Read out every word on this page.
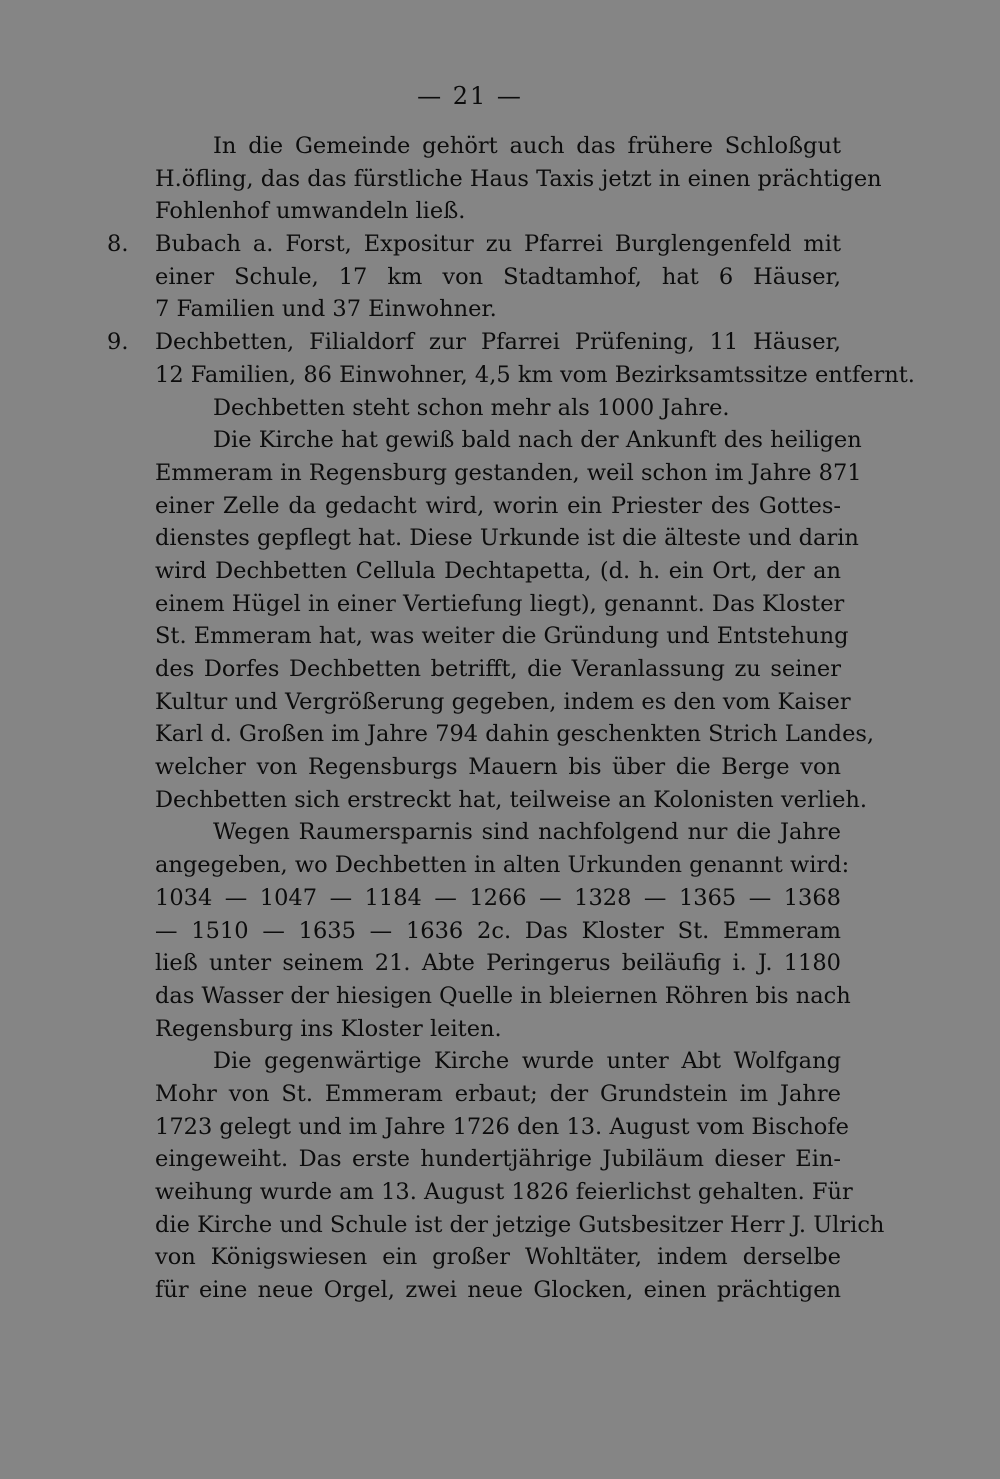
— 21 —
In die Gemeinde gehört auch das frühere Schloßgut
H.öfling, das das fürstliche Haus Taxis jetzt in einen prächtigen
Fohlenhof umwandeln ließ.
8. Bubach a. Forst, Expositur zu Pfarrei Burglengenfeld mit
einer Schule, 17 km von Stadtamhof, hat 6 Häuser,
7 Familien und 37 Einwohner.
9. Dechbetten, Filialdorf zur Pfarrei Prüfening, 11 Häuser,
12 Familien, 86 Einwohner, 4,5 km vom Bezirksamtssitze entfernt.
Dechbetten steht schon mehr als 1000 Jahre.
Die Kirche hat gewiß bald nach der Ankunft des heiligen
Emmeram in Regensburg gestanden, weil schon im Jahre 871
einer Zelle da gedacht wird, worin ein Priester des Gottes-
dienstes gepflegt hat. Diese Urkunde ist die älteste und darin
wird Dechbetten Cellula Dechtapetta, (d. h. ein Ort, der an
einem Hügel in einer Vertiefung liegt), genannt. Das Kloster
St. Emmeram hat, was weiter die Gründung und Entstehung
des Dorfes Dechbetten betrifft, die Veranlassung zu seiner
Kultur und Vergrößerung gegeben, indem es den vom Kaiser
Karl d. Großen im Jahre 794 dahin geschenkten Strich Landes,
welcher von Regensburgs Mauern bis über die Berge von
Dechbetten sich erstreckt hat, teilweise an Kolonisten verlieh.
Wegen Raumersparnis sind nachfolgend nur die Jahre
angegeben, wo Dechbetten in alten Urkunden genannt wird:
1034 — 1047 — 1184 — 1266 — 1328 — 1365 — 1368
— 1510 — 1635 — 1636 2c. Das Kloster St. Emmeram
ließ unter seinem 21. Abte Peringerus beiläufig i. J. 1180
das Wasser der hiesigen Quelle in bleiernen Röhren bis nach
Regensburg ins Kloster leiten.
Die gegenwärtige Kirche wurde unter Abt Wolfgang
Mohr von St. Emmeram erbaut; der Grundstein im Jahre
1723 gelegt und im Jahre 1726 den 13. August vom Bischofe
eingeweiht. Das erste hundertjährige Jubiläum dieser Ein-
weihung wurde am 13. August 1826 feierlichst gehalten. Für
die Kirche und Schule ist der jetzige Gutsbesitzer Herr J. Ulrich
von Königswiesen ein großer Wohltäter, indem derselbe
für eine neue Orgel, zwei neue Glocken, einen prächtigen
